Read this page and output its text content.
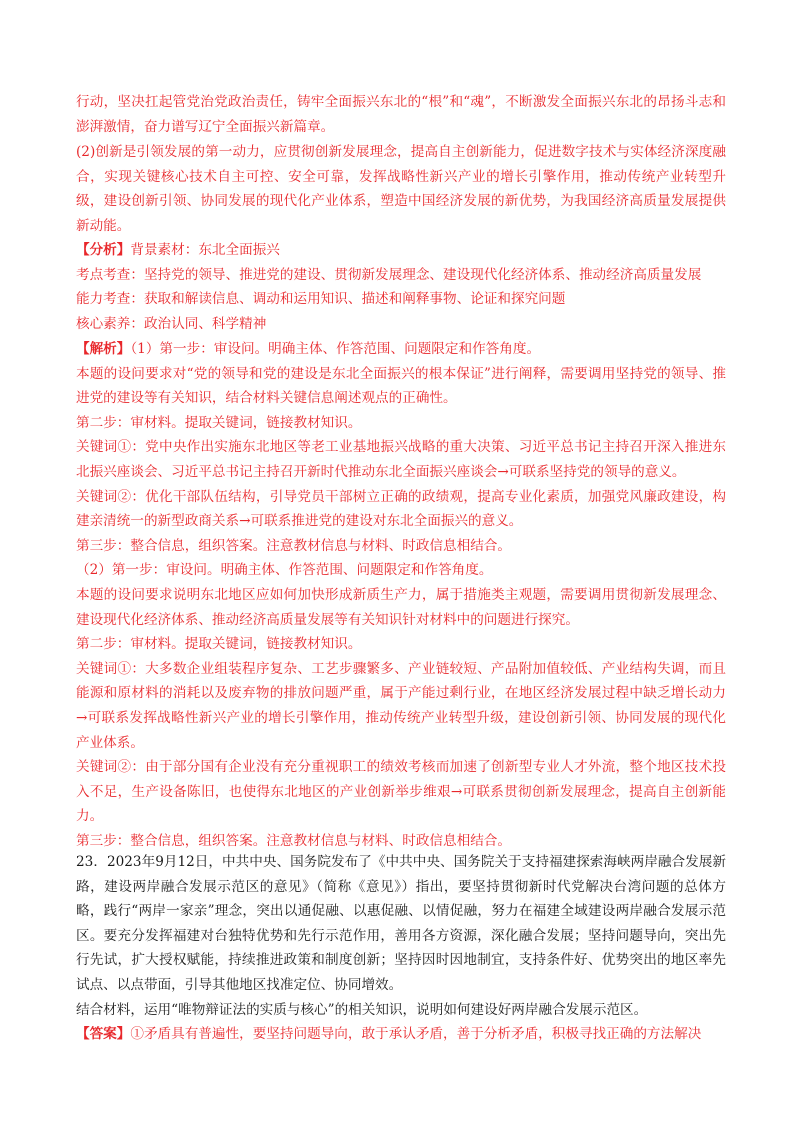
行动，坚决扛起管党治党政治责任，铸牢全面振兴东北的“根”和“魂”，不断激发全面振兴东北的昂扬斗志和澎湃激情，奋力谱写辽宁全面振兴新篇章。

(2)创新是引领发展的第一动力，应贯彻创新发展理念，提高自主创新能力，促进数字技术与实体经济深度融合，实现关键核心技术自主可控、安全可靠，发挥战略性新兴产业的增长引擎作用，推动传统产业转型升级，建设创新引领、协同发展的现代化产业体系，塑造中国经济发展的新优势，为我国经济高质量发展提供新动能。

【分析】背景素材：东北全面振兴

考点考查：坚持党的领导、推进党的建设、贯彻新发展理念、建设现代化经济体系、推动经济高质量发展

能力考查：获取和解读信息、调动和运用知识、描述和阐释事物、论证和探究问题

核心素养：政治认同、科学精神

【解析】（1）第一步：审设问。明确主体、作答范围、问题限定和作答角度。

本题的设问要求对“党的领导和党的建设是东北全面振兴的根本保证”进行阐释，需要调用坚持党的领导、推进党的建设等有关知识，结合材料关键信息阐述观点的正确性。

第二步：审材料。提取关键词，链接教材知识。

关键词①：党中央作出实施东北地区等老工业基地振兴战略的重大决策、习近平总书记主持召开深入推进东北振兴座谈会、习近平总书记主持召开新时代推动东北全面振兴座谈会→可联系坚持党的领导的意义。

关键词②：优化干部队伍结构，引导党员干部树立正确的政绩观，提高专业化素质，加强党风廉政建设，构建亲清统一的新型政商关系→可联系推进党的建设对东北全面振兴的意义。

第三步：整合信息，组织答案。注意教材信息与材料、时政信息相结合。

（2）第一步：审设问。明确主体、作答范围、问题限定和作答角度。

本题的设问要求说明东北地区应如何加快形成新质生产力，属于措施类主观题，需要调用贯彻新发展理念、建设现代化经济体系、推动经济高质量发展等有关知识针对材料中的问题进行探究。

第二步：审材料。提取关键词，链接教材知识。

关键词①：大多数企业组装程序复杂、工艺步骤繁多、产业链较短、产品附加值较低、产业结构失调，而且能源和原材料的消耗以及废弃物的排放问题严重，属于产能过剩行业，在地区经济发展过程中缺乏增长动力→可联系发挥战略性新兴产业的增长引擎作用，推动传统产业转型升级，建设创新引领、协同发展的现代化产业体系。

关键词②：由于部分国有企业没有充分重视职工的绩效考核而加速了创新型专业人才外流，整个地区技术投入不足，生产设备陈旧，也使得东北地区的产业创新举步维艰→可联系贯彻创新发展理念，提高自主创新能力。

第三步：整合信息，组织答案。注意教材信息与材料、时政信息相结合。

23．2023年9月12日，中共中央、国务院发布了《中共中央、国务院关于支持福建探索海峡两岸融合发展新路，建设两岸融合发展示范区的意见》（简称《意见》）指出，要坚持贯彻新时代党解决台湾问题的总体方略，践行“两岸一家亲”理念，突出以通促融、以惠促融、以情促融，努力在福建全域建设两岸融合发展示范区。要充分发挥福建对台独特优势和先行示范作用，善用各方资源，深化融合发展；坚持问题导向，突出先行先试，扩大授权赋能，持续推进政策和制度创新；坚持因时因地制宜，支持条件好、优势突出的地区率先试点、以点带面，引导其他地区找准定位、协同增效。

结合材料，运用“唯物辩证法的实质与核心”的相关知识，说明如何建设好两岸融合发展示范区。

【答案】①矛盾具有普遍性，要坚持问题导向，敢于承认矛盾，善于分析矛盾，积极寻找正确的方法解决
